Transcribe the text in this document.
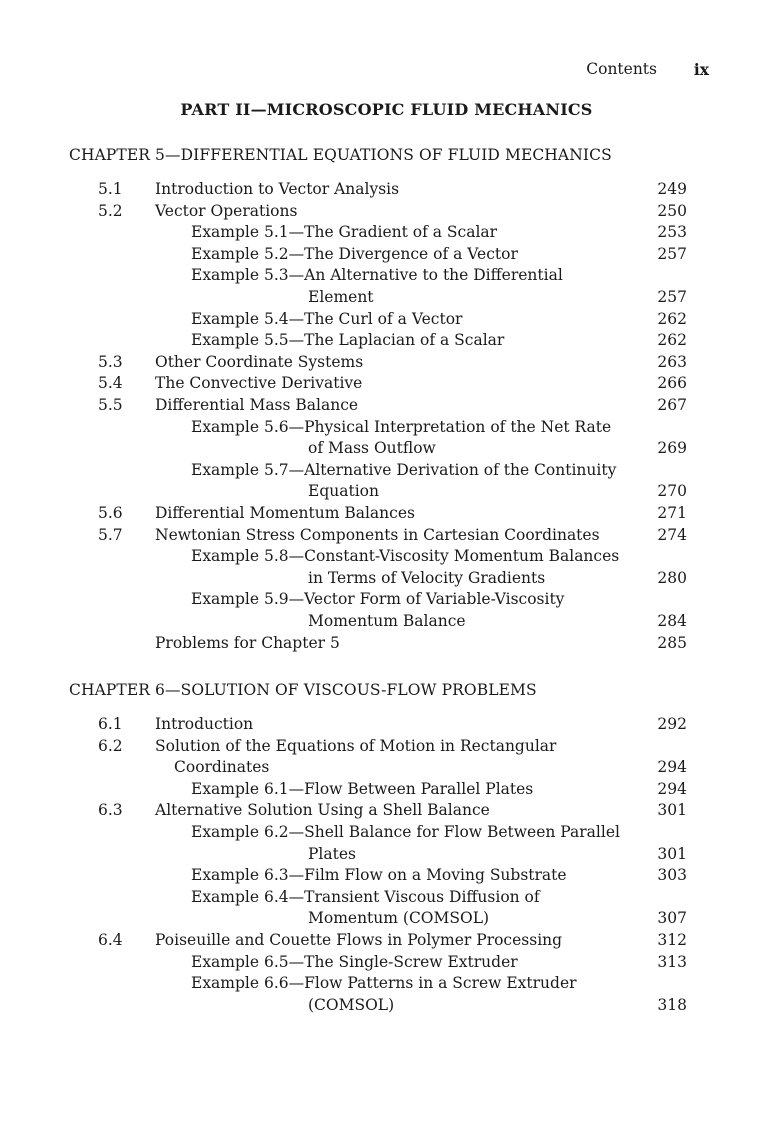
Contents ix
PART II—MICROSCOPIC FLUID MECHANICS
CHAPTER 5—DIFFERENTIAL EQUATIONS OF FLUID MECHANICS
5.1 Introduction to Vector Analysis	249
5.2 Vector Operations	250
Example 5.1—The Gradient of a Scalar	253
Example 5.2—The Divergence of a Vector	257
Example 5.3—An Alternative to the Differential
Element	257
Example 5.4—The Curl of a Vector	262
Example 5.5—The Laplacian of a Scalar	262
5.3 Other Coordinate Systems	263
5.4 The Convective Derivative	266
5.5 Differential Mass Balance	267
Example 5.6—Physical Interpretation of the Net Rate
of Mass Outflow	269
Example 5.7—Alternative Derivation of the Continuity
Equation	270
5.6 Differential Momentum Balances	271
5.7 Newtonian Stress Components in Cartesian Coordinates	274
Example 5.8—Constant-Viscosity Momentum Balances
in Terms of Velocity Gradients	280
Example 5.9—Vector Form of Variable-Viscosity
Momentum Balance	284
Problems for Chapter 5	285
CHAPTER 6—SOLUTION OF VISCOUS-FLOW PROBLEMS
6.1 Introduction	292
6.2 Solution of the Equations of Motion in Rectangular
Coordinates	294
Example 6.1—Flow Between Parallel Plates	294
6.3 Alternative Solution Using a Shell Balance	301
Example 6.2—Shell Balance for Flow Between Parallel
Plates	301
Example 6.3—Film Flow on a Moving Substrate	303
Example 6.4—Transient Viscous Diffusion of
Momentum (COMSOL)	307
6.4 Poiseuille and Couette Flows in Polymer Processing	312
Example 6.5—The Single-Screw Extruder	313
Example 6.6—Flow Patterns in a Screw Extruder
(COMSOL)	318
